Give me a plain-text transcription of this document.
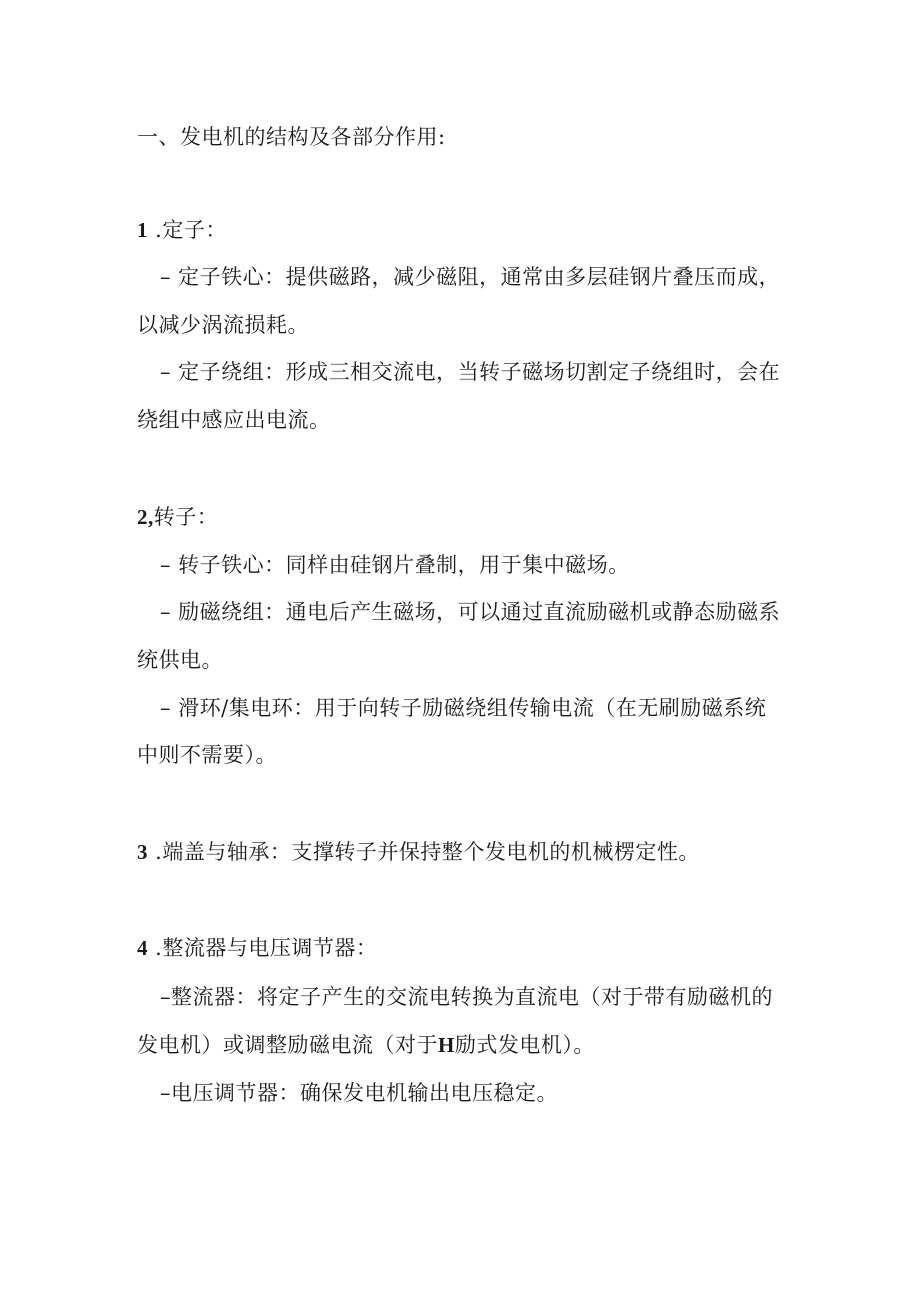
一、发电机的结构及各部分作用:
1 .定子：
– 定子铁心：提供磁路，减少磁阻，通常由多层硅钢片叠压而成，
以减少涡流损耗。
– 定子绕组：形成三相交流电，当转子磁场切割定子绕组时，会在
绕组中感应出电流。
2,转子：
– 转子铁心：同样由硅钢片叠制，用于集中磁场。
– 励磁绕组：通电后产生磁场，可以通过直流励磁机或静态励磁系
统供电。
– 滑环/集电环：用于向转子励磁绕组传输电流（在无刷励磁系统
中则不需要）。
3 .端盖与轴承：支撑转子并保持整个发电机的机械楞定性。
4 .整流器与电压调节器：
–整流器：将定子产生的交流电转换为直流电（对于带有励磁机的
发电机）或调整励磁电流（对于H励式发电机）。
–电压调节器：确保发电机输出电压稳定。
